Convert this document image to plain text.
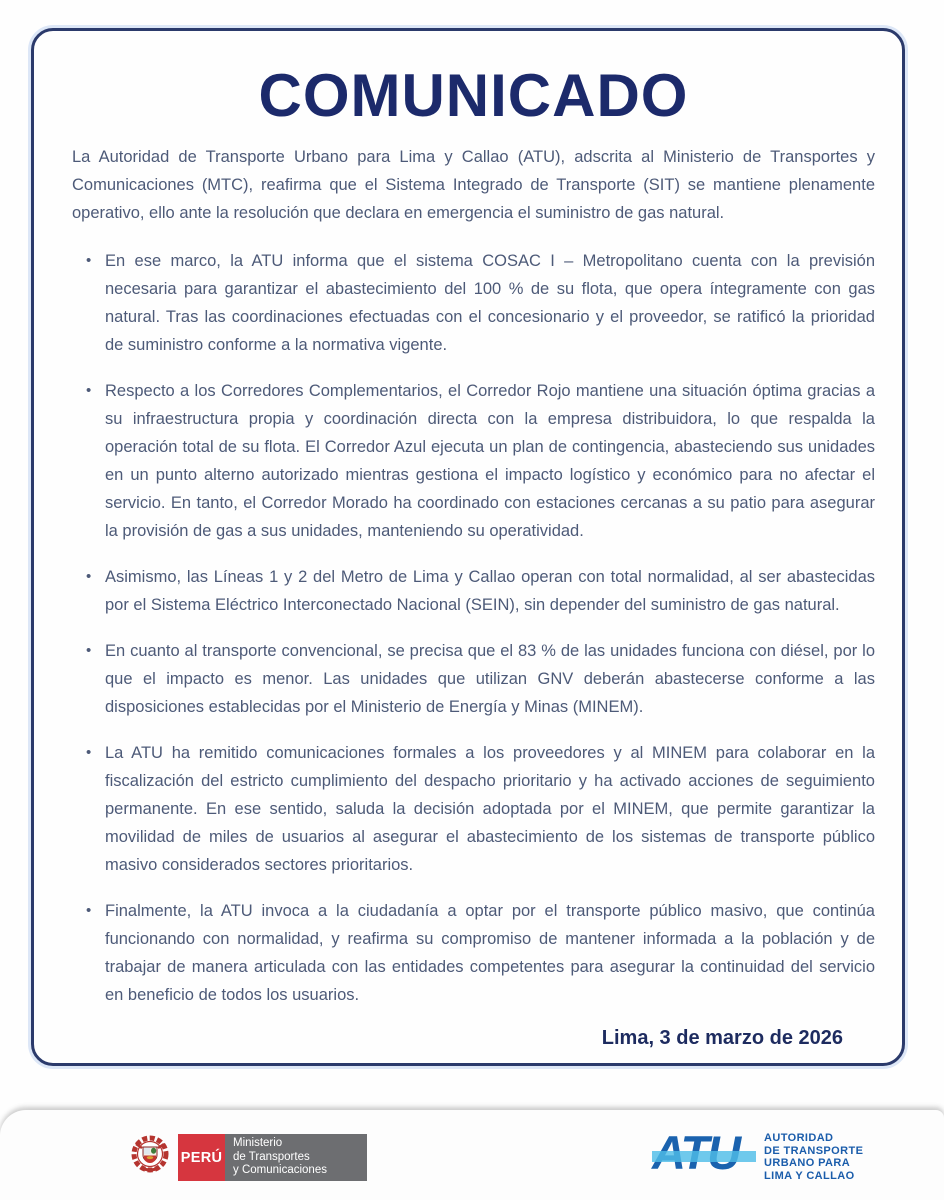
COMUNICADO

La Autoridad de Transporte Urbano para Lima y Callao (ATU), adscrita al Ministerio de Transportes y Comunicaciones (MTC), reafirma que el Sistema Integrado de Transporte (SIT) se mantiene plenamente operativo, ello ante la resolución que declara en emergencia el suministro de gas natural.

• En ese marco, la ATU informa que el sistema COSAC I – Metropolitano cuenta con la previsión necesaria para garantizar el abastecimiento del 100 % de su flota, que opera íntegramente con gas natural. Tras las coordinaciones efectuadas con el concesionario y el proveedor, se ratificó la prioridad de suministro conforme a la normativa vigente.
• Respecto a los Corredores Complementarios, el Corredor Rojo mantiene una situación óptima gracias a su infraestructura propia y coordinación directa con la empresa distribuidora, lo que respalda la operación total de su flota. El Corredor Azul ejecuta un plan de contingencia, abasteciendo sus unidades en un punto alterno autorizado mientras gestiona el impacto logístico y económico para no afectar el servicio. En tanto, el Corredor Morado ha coordinado con estaciones cercanas a su patio para asegurar la provisión de gas a sus unidades, manteniendo su operatividad.
• Asimismo, las Líneas 1 y 2 del Metro de Lima y Callao operan con total normalidad, al ser abastecidas por el Sistema Eléctrico Interconectado Nacional (SEIN), sin depender del suministro de gas natural.
• En cuanto al transporte convencional, se precisa que el 83 % de las unidades funciona con diésel, por lo que el impacto es menor. Las unidades que utilizan GNV deberán abastecerse conforme a las disposiciones establecidas por el Ministerio de Energía y Minas (MINEM).
• La ATU ha remitido comunicaciones formales a los proveedores y al MINEM para colaborar en la fiscalización del estricto cumplimiento del despacho prioritario y ha activado acciones de seguimiento permanente. En ese sentido, saluda la decisión adoptada por el MINEM, que permite garantizar la movilidad de miles de usuarios al asegurar el abastecimiento de los sistemas de transporte público masivo considerados sectores prioritarios.
• Finalmente, la ATU invoca a la ciudadanía a optar por el transporte público masivo, que continúa funcionando con normalidad, y reafirma su compromiso de mantener informada a la población y de trabajar de manera articulada con las entidades competentes para asegurar la continuidad del servicio en beneficio de todos los usuarios.
Lima, 3 de marzo de 2026
PERÚ
Ministerio
de Transportes
y Comunicaciones
AUTORIDAD
DE TRANSPORTE
URBANO PARA
LIMA Y CALLAO
